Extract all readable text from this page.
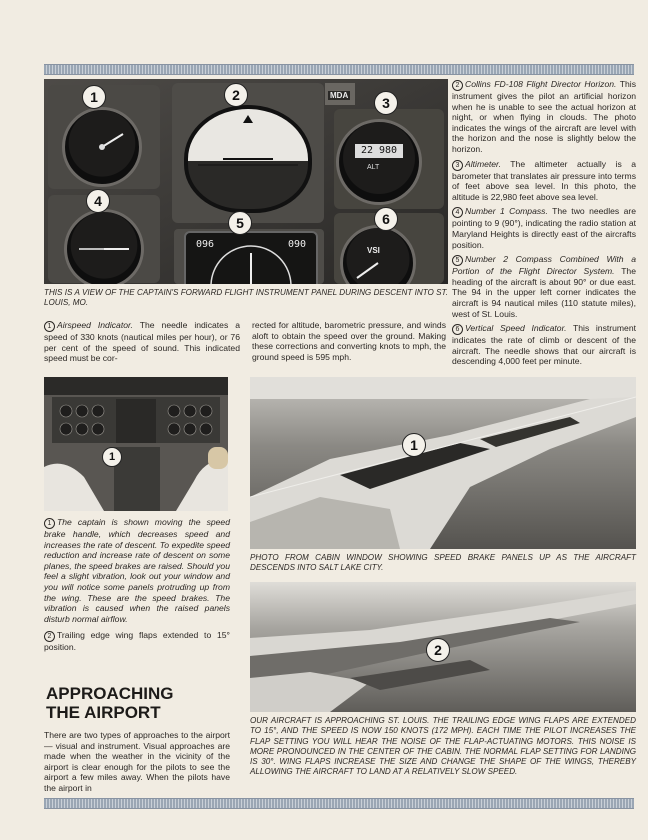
22 980
ALT
MDA
096	090
VSI
1	2	3
4
5	6
THIS IS A VIEW OF THE CAPTAIN'S FORWARD FLIGHT INSTRUMENT PANEL DURING DESCENT INTO ST. LOUIS, MO.
1 Airspeed Indicator. The needle indicates a speed of 330 knots (nautical miles per hour), or 76 per cent of the speed of sound. This indicated speed must be cor-
rected for altitude, barometric pressure, and winds aloft to obtain the speed over the ground. Making these corrections and converting knots to mph, the ground speed is 595 mph.

2 Collins FD-108 Flight Director Horizon. This instrument gives the pilot an artificial horizon when he is unable to see the actual horizon at night, or when flying in clouds. The photo indicates the wings of the aircraft are level with the horizon and the nose is slightly below the horizon.

3 Altimeter. The altimeter actually is a barometer that translates air pressure into terms of feet above sea level. In this photo, the altitude is 22,980 feet above sea level.

4 Number 1 Compass. The two needles are pointing to 9 (90°), indicating the radio station at Maryland Heights is directly east of the aircrafts position.

5 Number 2 Compass Combined With a Portion of the Flight Director System. The heading of the aircraft is about 90° or due east. The 94 in the upper left corner indicates the aircraft is 94 nautical miles (110 statute miles), west of St. Louis.

6 Vertical Speed Indicator. This instrument indicates the rate of climb or descent of the aircraft. The needle shows that our aircraft is descending 4,000 feet per minute.

1

1 The captain is shown moving the speed brake handle, which decreases speed and increases the rate of descent. To expedite speed reduction and increase rate of descent on some planes, the speed brakes are raised. Should you feel a slight vibration, look out your window and you will notice some panels protruding up from the wing. These are the speed brakes. The vibration is caused when the raised panels disturb normal airflow.

2 Trailing edge wing flaps extended to 15° position.

APPROACHING
THE AIRPORT
There are two types of approaches to the airport — visual and instrument. Visual approaches are made when the weather in the vicinity of the airport is clear enough for the pilots to see the airport a few miles away. When the pilots have the airport in
1
PHOTO FROM CABIN WINDOW SHOWING SPEED BRAKE PANELS UP AS THE AIRCRAFT DESCENDS INTO SALT LAKE CITY.
2
OUR AIRCRAFT IS APPROACHING ST. LOUIS. THE TRAILING EDGE WING FLAPS ARE EXTENDED TO 15°, AND THE SPEED IS NOW 150 KNOTS (172 MPH). EACH TIME THE PILOT INCREASES THE FLAP SETTING YOU WILL HEAR THE NOISE OF THE FLAP-ACTUATING MOTORS. THIS NOISE IS MORE PRONOUNCED IN THE CENTER OF THE CABIN. THE NORMAL FLAP SETTING FOR LANDING IS 30°. WING FLAPS INCREASE THE SIZE AND CHANGE THE SHAPE OF THE WINGS, THEREBY ALLOWING THE AIRCRAFT TO LAND AT A RELATIVELY SLOW SPEED.
